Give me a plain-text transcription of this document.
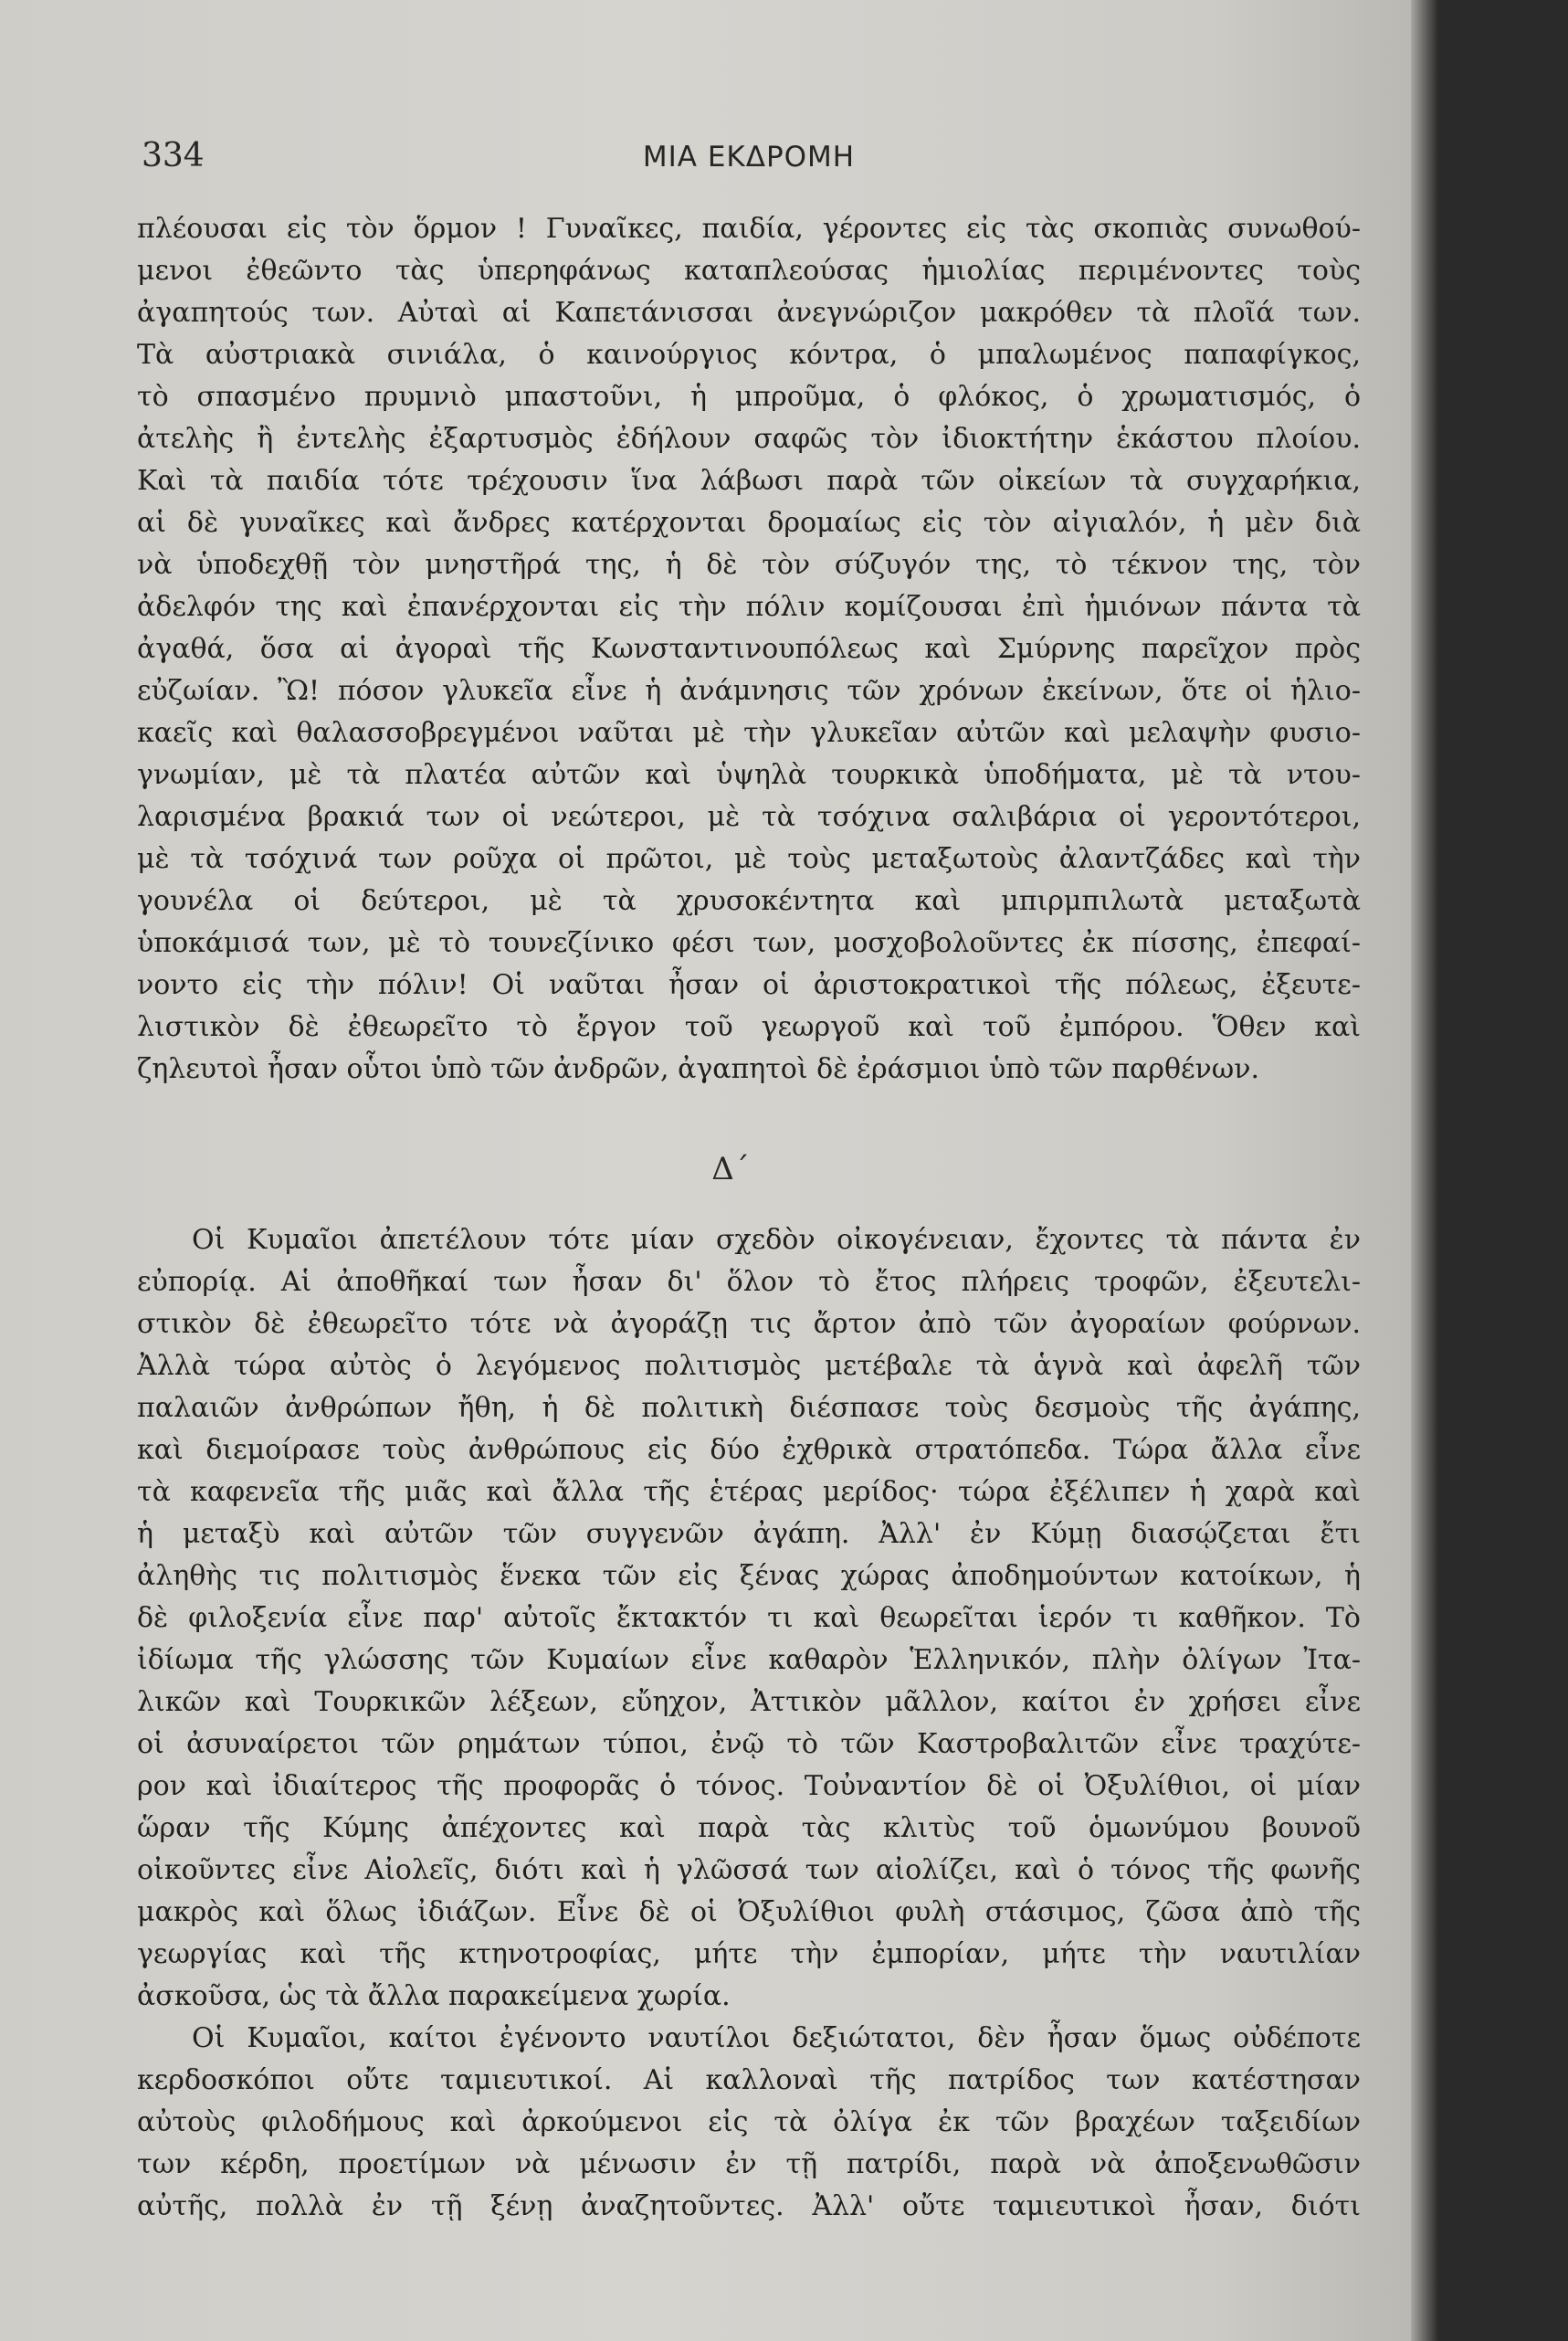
334	ΜΙΑ ΕΚΔΡΟΜΗ
πλέουσαι εἰς τὸν ὅρμον ! Γυναῖκες, παιδία, γέροντες εἰς τὰς σκοπιὰς συνωθού-
μενοι ἐθεῶντο τὰς ὑπερηφάνως καταπλεούσας ἡμιολίας περιμένοντες τοὺς
ἀγαπητούς των. Αὐταὶ αἱ Καπετάνισσαι ἀνεγνώριζον μακρόθεν τὰ πλοῖά των.
Τὰ αὐστριακὰ σινιάλα, ὁ καινούργιος κόντρα, ὁ μπαλωμένος παπαφίγκος,
τὸ σπασμένο πρυμνιὸ μπαστοῦνι, ἡ μπροῦμα, ὁ φλόκος, ὁ χρωματισμός, ὁ
ἀτελὴς ἢ ἐντελὴς ἐξαρτυσμὸς ἐδήλουν σαφῶς τὸν ἰδιοκτήτην ἑκάστου πλοίου.
Καὶ τὰ παιδία τότε τρέχουσιν ἵνα λάβωσι παρὰ τῶν οἰκείων τὰ συγχαρήκια,
αἱ δὲ γυναῖκες καὶ ἄνδρες κατέρχονται δρομαίως εἰς τὸν αἰγιαλόν, ἡ μὲν διὰ
νὰ ὑποδεχθῇ τὸν μνηστῆρά της, ἡ δὲ τὸν σύζυγόν της, τὸ τέκνον της, τὸν
ἀδελφόν της καὶ ἐπανέρχονται εἰς τὴν πόλιν κομίζουσαι ἐπὶ ἡμιόνων πάντα τὰ
ἀγαθά, ὅσα αἱ ἀγοραὶ τῆς Κωνσταντινουπόλεως καὶ Σμύρνης παρεῖχον πρὸς
εὐζωίαν. Ὢ! πόσον γλυκεῖα εἶνε ἡ ἀνάμνησις τῶν χρόνων ἐκείνων, ὅτε οἱ ἡλιο-
καεῖς καὶ θαλασσοβρεγμένοι ναῦται μὲ τὴν γλυκεῖαν αὐτῶν καὶ μελαψὴν φυσιο-
γνωμίαν, μὲ τὰ πλατέα αὐτῶν καὶ ὑψηλὰ τουρκικὰ ὑποδήματα, μὲ τὰ ντου-
λαρισμένα βρακιά των οἱ νεώτεροι, μὲ τὰ τσόχινα σαλιβάρια οἱ γεροντότεροι,
μὲ τὰ τσόχινά των ροῦχα οἱ πρῶτοι, μὲ τοὺς μεταξωτοὺς ἀλαντζάδες καὶ τὴν
γουνέλα οἱ δεύτεροι, μὲ τὰ χρυσοκέντητα καὶ μπιρμπιλωτὰ μεταξωτὰ
ὑποκάμισά των, μὲ τὸ τουνεζίνικο φέσι των, μοσχοβολοῦντες ἐκ πίσσης, ἐπεφαί-
νοντο εἰς τὴν πόλιν! Οἱ ναῦται ἦσαν οἱ ἀριστοκρατικοὶ τῆς πόλεως, ἐξευτε-
λιστικὸν δὲ ἐθεωρεῖτο τὸ ἔργον τοῦ γεωργοῦ καὶ τοῦ ἐμπόρου. Ὅθεν καὶ
ζηλευτοὶ ἦσαν οὗτοι ὑπὸ τῶν ἀνδρῶν, ἀγαπητοὶ δὲ ἐράσμιοι ὑπὸ τῶν παρθένων.
Δ΄
Οἱ Κυμαῖοι ἀπετέλουν τότε μίαν σχεδὸν οἰκογένειαν, ἔχοντες τὰ πάντα ἐν
εὐπορίᾳ. Αἱ ἀποθῆκαί των ἦσαν δι' ὅλον τὸ ἔτος πλήρεις τροφῶν, ἐξευτελι-
στικὸν δὲ ἐθεωρεῖτο τότε νὰ ἀγοράζῃ τις ἄρτον ἀπὸ τῶν ἀγοραίων φούρνων.
Ἀλλὰ τώρα αὐτὸς ὁ λεγόμενος πολιτισμὸς μετέβαλε τὰ ἁγνὰ καὶ ἀφελῆ τῶν
παλαιῶν ἀνθρώπων ἤθη, ἡ δὲ πολιτικὴ διέσπασε τοὺς δεσμοὺς τῆς ἀγάπης,
καὶ διεμοίρασε τοὺς ἀνθρώπους εἰς δύο ἐχθρικὰ στρατόπεδα. Τώρα ἄλλα εἶνε
τὰ καφενεῖα τῆς μιᾶς καὶ ἄλλα τῆς ἑτέρας μερίδος· τώρα ἐξέλιπεν ἡ χαρὰ καὶ
ἡ μεταξὺ καὶ αὐτῶν τῶν συγγενῶν ἀγάπη. Ἀλλ' ἐν Κύμῃ διασῴζεται ἔτι
ἀληθὴς τις πολιτισμὸς ἕνεκα τῶν εἰς ξένας χώρας ἀποδημούντων κατοίκων, ἡ
δὲ φιλοξενία εἶνε παρ' αὐτοῖς ἔκτακτόν τι καὶ θεωρεῖται ἱερόν τι καθῆκον. Τὸ
ἰδίωμα τῆς γλώσσης τῶν Κυμαίων εἶνε καθαρὸν Ἑλληνικόν, πλὴν ὀλίγων Ἰτα-
λικῶν καὶ Τουρκικῶν λέξεων, εὔηχον, Ἀττικὸν μᾶλλον, καίτοι ἐν χρήσει εἶνε
οἱ ἀσυναίρετοι τῶν ρημάτων τύποι, ἐνῷ τὸ τῶν Καστροβαλιτῶν εἶνε τραχύτε-
ρον καὶ ἰδιαίτερος τῆς προφορᾶς ὁ τόνος. Τοὐναντίον δὲ οἱ Ὀξυλίθιοι, οἱ μίαν
ὥραν τῆς Κύμης ἀπέχοντες καὶ παρὰ τὰς κλιτὺς τοῦ ὁμωνύμου βουνοῦ
οἰκοῦντες εἶνε Αἰολεῖς, διότι καὶ ἡ γλῶσσά των αἰολίζει, καὶ ὁ τόνος τῆς φωνῆς
μακρὸς καὶ ὅλως ἰδιάζων. Εἶνε δὲ οἱ Ὀξυλίθιοι φυλὴ στάσιμος, ζῶσα ἀπὸ τῆς
γεωργίας καὶ τῆς κτηνοτροφίας, μήτε τὴν ἐμπορίαν, μήτε τὴν ναυτιλίαν
ἀσκοῦσα, ὡς τὰ ἄλλα παρακείμενα χωρία.
Οἱ Κυμαῖοι, καίτοι ἐγένοντο ναυτίλοι δεξιώτατοι, δὲν ἦσαν ὅμως οὐδέποτε
κερδοσκόποι οὔτε ταμιευτικοί. Αἱ καλλοναὶ τῆς πατρίδος των κατέστησαν
αὐτοὺς φιλοδήμους καὶ ἀρκούμενοι εἰς τὰ ὀλίγα ἐκ τῶν βραχέων ταξειδίων
των κέρδη, προετίμων νὰ μένωσιν ἐν τῇ πατρίδι, παρὰ νὰ ἀποξενωθῶσιν
αὐτῆς, πολλὰ ἐν τῇ ξένῃ ἀναζητοῦντες. Ἀλλ' οὔτε ταμιευτικοὶ ἦσαν, διότι
